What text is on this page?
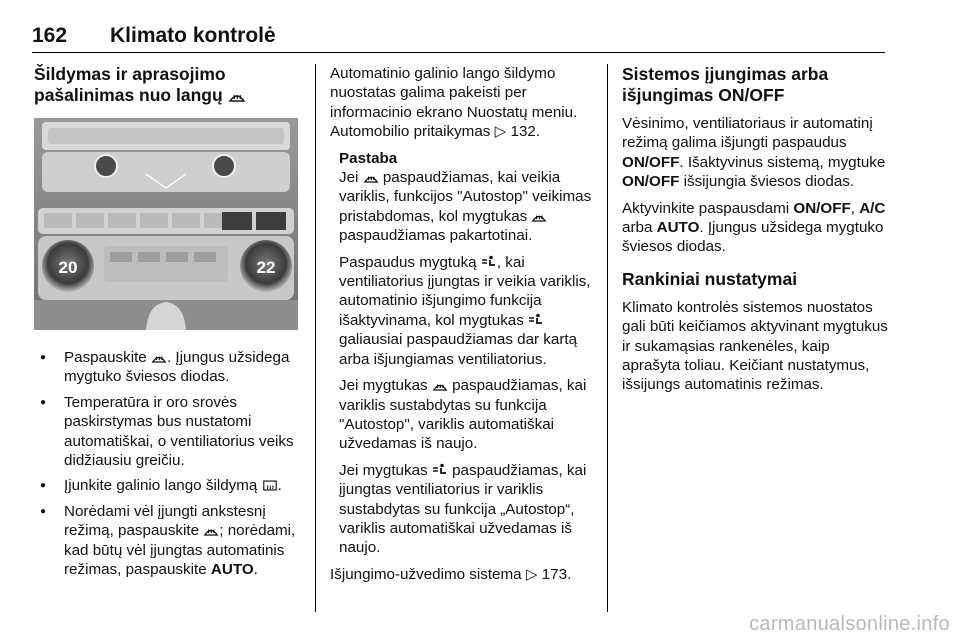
162	Klimato kontrolė
Šildymas ir aprasojimo pašalinimas nuo langų
20	22
● Paspauskite . Įjungus užsidega mygtuko šviesos diodas.
● Temperatūra ir oro srovės paskirstymas bus nustatomi automatiškai, o ventiliatorius veiks didžiausiu greičiu.
● Įjunkite galinio lango šildymą .
● Norėdami vėl įjungti ankstesnį režimą, paspauskite ; norėdami, kad būtų vėl įjungtas automatinis režimas, paspauskite AUTO.

Automatinio galinio lango šildymo nuostatas galima pakeisti per informacinio ekrano Nuostatų meniu. Automobilio pritaikymas ▷ 132.

Pastaba

Jei  paspaudžiamas, kai veikia variklis, funkcijos "Autostop" veikimas pristabdomas, kol mygtukas  paspaudžiamas pakartotinai.

Paspaudus mygtuką , kai ventiliatorius įjungtas ir veikia variklis, automatinio išjungimo funkcija išaktyvinama, kol mygtukas  galiausiai paspaudžiamas dar kartą arba išjungiamas ventiliatorius.

Jei mygtukas  paspaudžiamas, kai variklis sustabdytas su funkcija "Autostop", variklis automatiškai užvedamas iš naujo.

Jei mygtukas  paspaudžiamas, kai įjungtas ventiliatorius ir variklis sustabdytas su funkcija „Autostop“, variklis automatiškai užvedamas iš naujo.

Išjungimo-užvedimo sistema ▷ 173.

Sistemos įjungimas arba išjungimas ON/OFF

Vėsinimo, ventiliatoriaus ir automatinį režimą galima išjungti paspaudus ON/OFF. Išaktyvinus sistemą, mygtuke ON/OFF išsijungia šviesos diodas.

Aktyvinkite paspausdami ON/OFF, A/C arba AUTO. Įjungus užsidega mygtuko šviesos diodas.

Rankiniai nustatymai

Klimato kontrolės sistemos nuostatos gali būti keičiamos aktyvinant mygtukus ir sukamąsias rankenėles, kaip aprašyta toliau. Keičiant nustatymus, išsijungs automatinis režimas.

carmanualsonline.info
